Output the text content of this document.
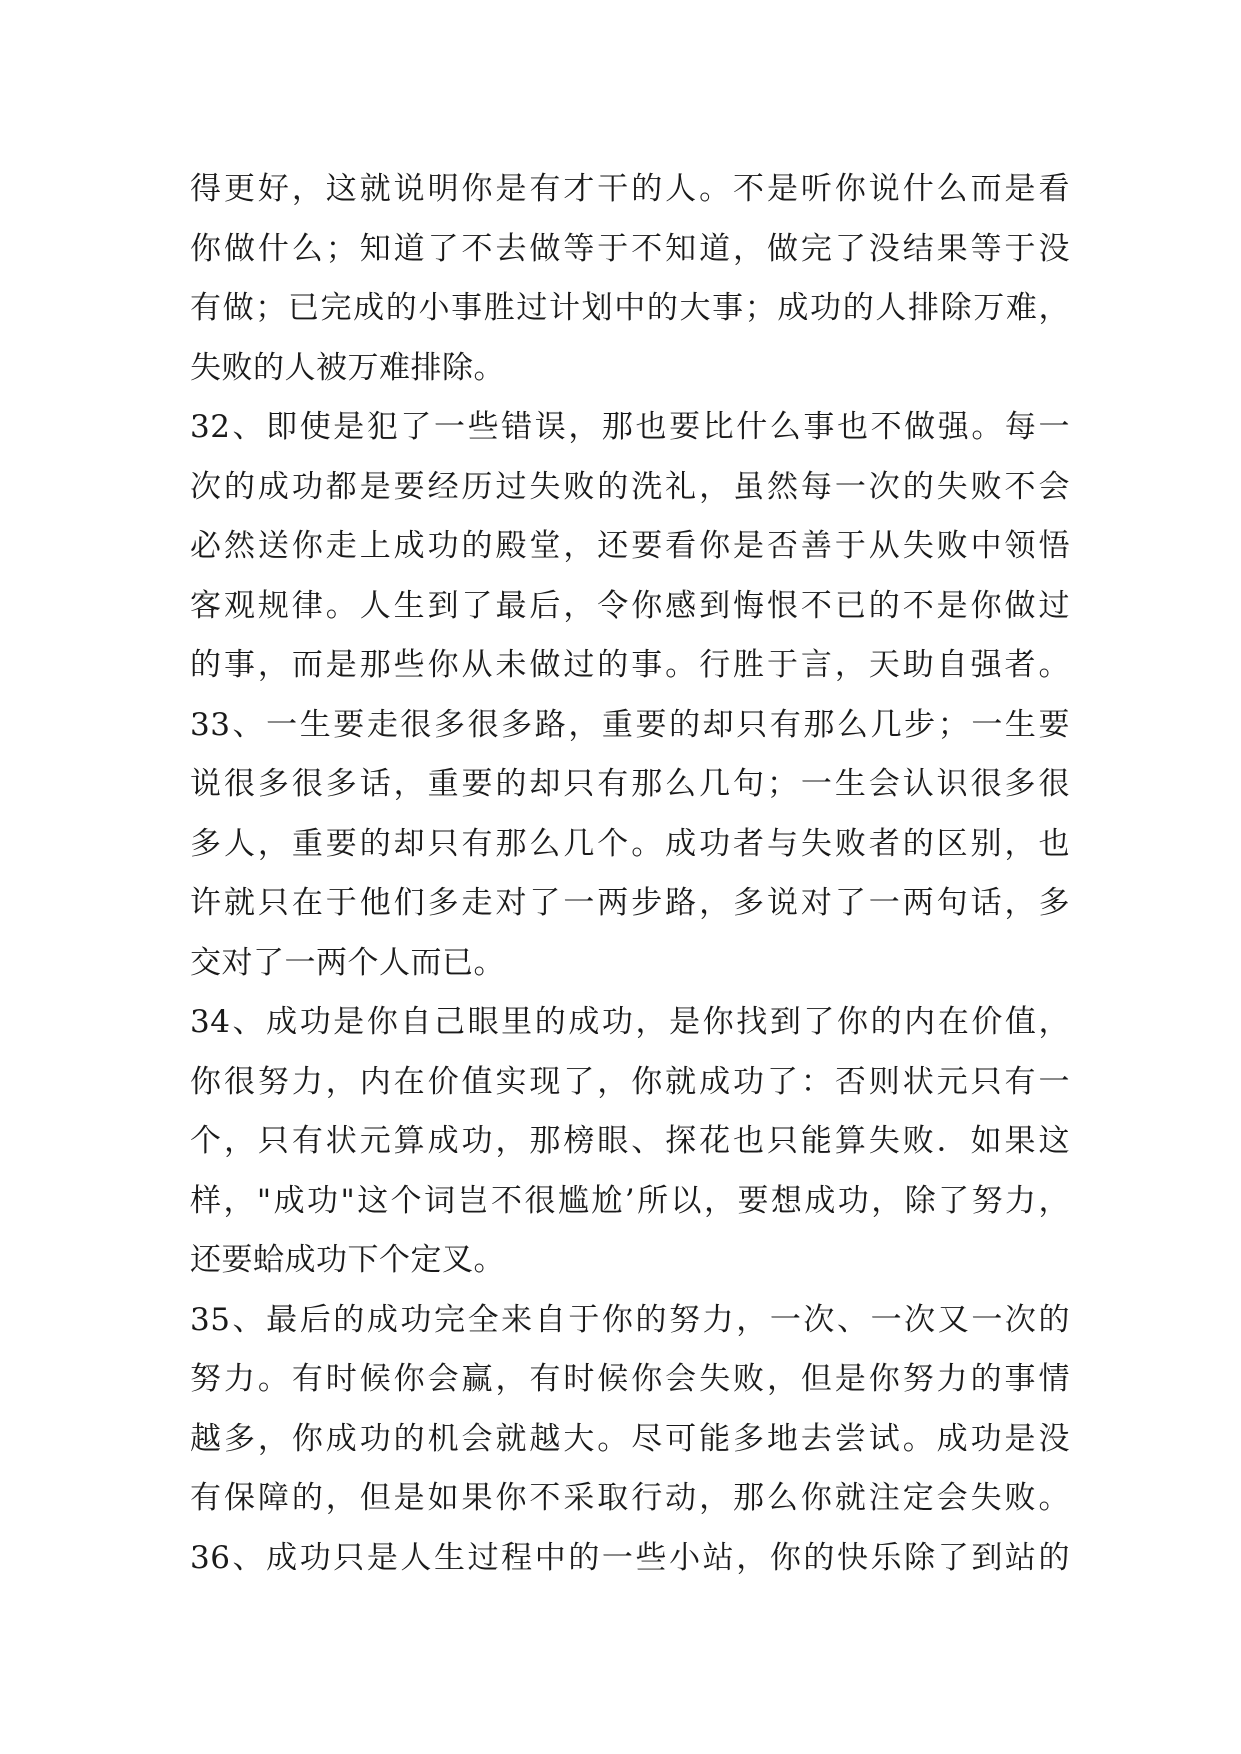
得更好，这就说明你是有才干的人。不是听你说什么而是看
你做什么；知道了不去做等于不知道，做完了没结果等于没
有做；已完成的小事胜过计划中的大事；成功的人排除万难，
失败的人被万难排除。
32、即使是犯了一些错误，那也要比什么事也不做强。每一
次的成功都是要经历过失败的洗礼，虽然每一次的失败不会
必然送你走上成功的殿堂，还要看你是否善于从失败中领悟
客观规律。人生到了最后，令你感到悔恨不已的不是你做过
的事，而是那些你从未做过的事。行胜于言，天助自强者。
33、一生要走很多很多路，重要的却只有那么几步；一生要
说很多很多话，重要的却只有那么几句；一生会认识很多很
多人，重要的却只有那么几个。成功者与失败者的区别，也
许就只在于他们多走对了一两步路，多说对了一两句话，多
交对了一两个人而已。
34、成功是你自己眼里的成功，是你找到了你的内在价值，
你很努力，内在价值实现了，你就成功了：否则状元只有一
个，只有状元算成功，那榜眼、探花也只能算失败．如果这
样，"成功"这个词岂不很尴尬’所以，要想成功，除了努力，
还要蛤成功下个定叉。
35、最后的成功完全来自于你的努力，一次、一次又一次的
努力。有时候你会赢，有时候你会失败，但是你努力的事情
越多，你成功的机会就越大。尽可能多地去尝试。成功是没
有保障的，但是如果你不采取行动，那么你就注定会失败。
36、成功只是人生过程中的一些小站，你的快乐除了到站的
